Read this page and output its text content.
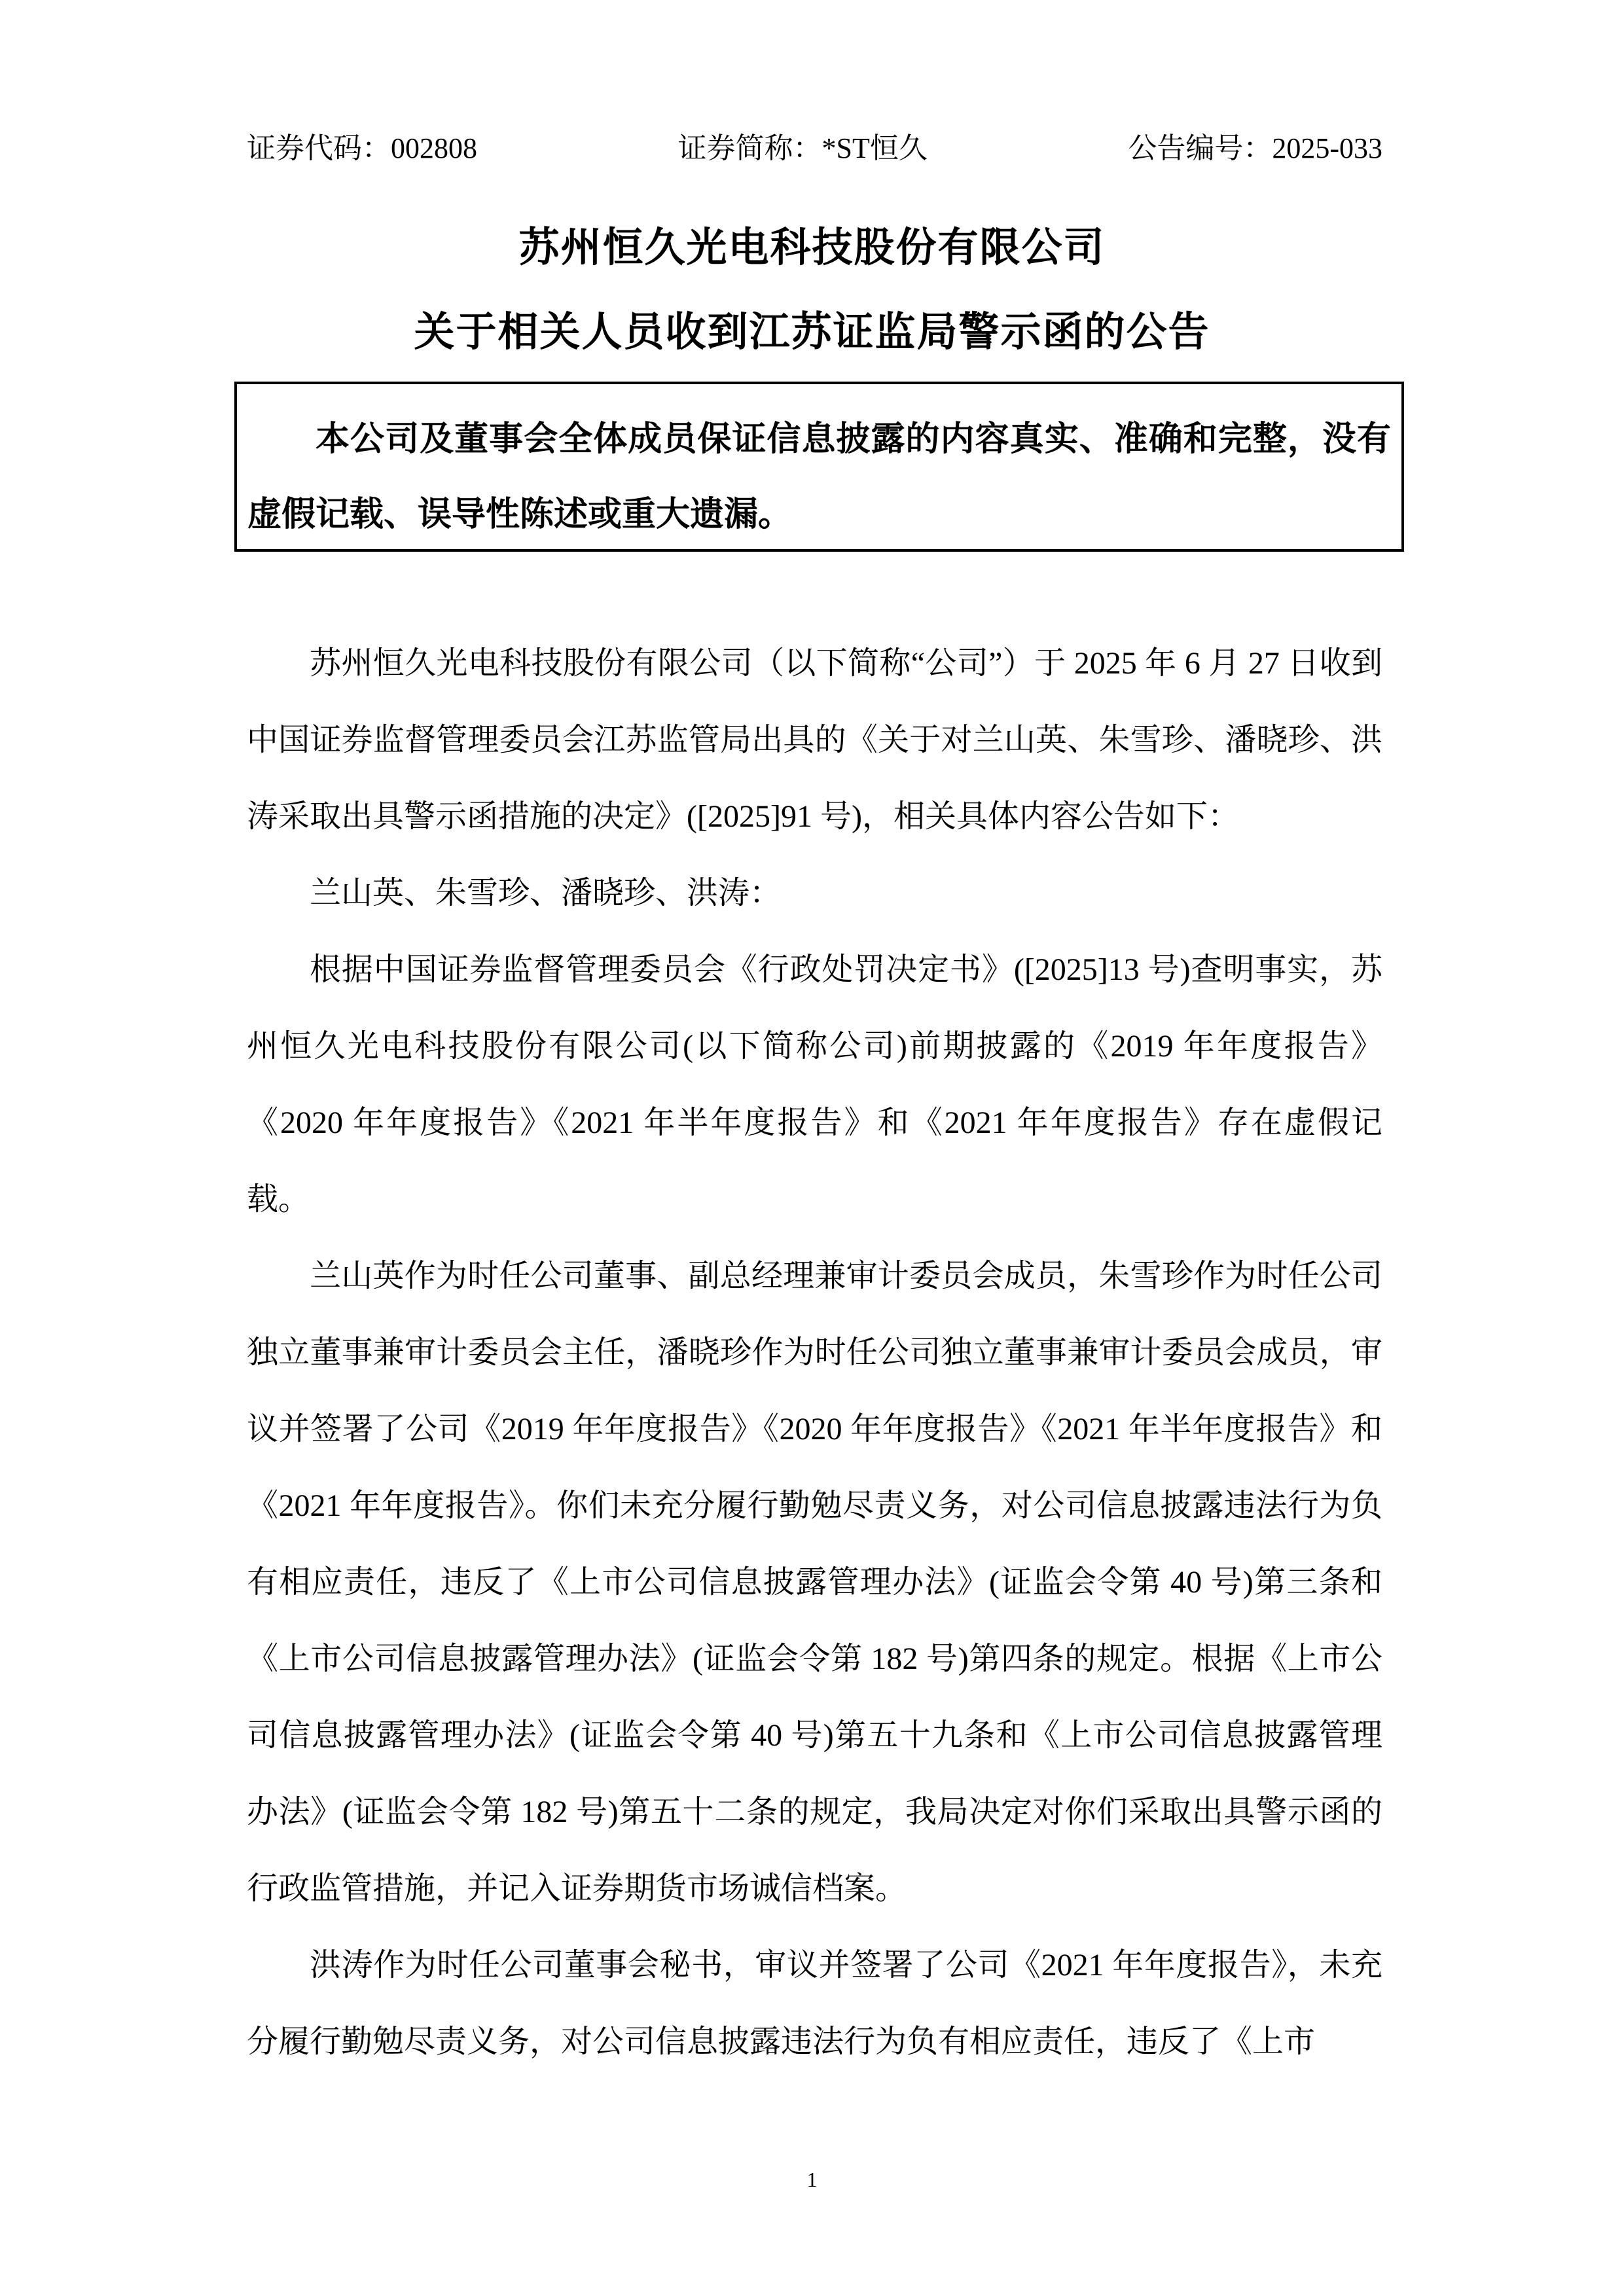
证券代码：002808	证券简称：*ST恒久	公告编号：2025-033
苏州恒久光电科技股份有限公司
关于相关人员收到江苏证监局警示函的公告

本公司及董事会全体成员保证信息披露的内容真实、准确和完整，没有虚假记载、误导性陈述或重大遗漏。

苏州恒久光电科技股份有限公司（以下简称“公司”）于 2025 年 6 月 27 日收到中国证券监督管理委员会江苏监管局出具的《关于对兰山英、朱雪珍、潘晓珍、洪涛采取出具警示函措施的决定》([2025]91 号)，相关具体内容公告如下：

兰山英、朱雪珍、潘晓珍、洪涛：

根据中国证券监督管理委员会《行政处罚决定书》([2025]13 号)查明事实，苏州恒久光电科技股份有限公司(以下简称公司)前期披露的《2019 年年度报告》《2020 年年度报告》《2021 年半年度报告》和《2021 年年度报告》存在虚假记载。

兰山英作为时任公司董事、副总经理兼审计委员会成员，朱雪珍作为时任公司独立董事兼审计委员会主任，潘晓珍作为时任公司独立董事兼审计委员会成员，审议并签署了公司《2019 年年度报告》《2020 年年度报告》《2021 年半年度报告》和《2021 年年度报告》。你们未充分履行勤勉尽责义务，对公司信息披露违法行为负有相应责任，违反了《上市公司信息披露管理办法》(证监会令第 40 号)第三条和《上市公司信息披露管理办法》(证监会令第 182 号)第四条的规定。根据《上市公司信息披露管理办法》(证监会令第 40 号)第五十九条和《上市公司信息披露管理办法》(证监会令第 182 号)第五十二条的规定，我局决定对你们采取出具警示函的行政监管措施，并记入证券期货市场诚信档案。

洪涛作为时任公司董事会秘书，审议并签署了公司《2021 年年度报告》，未充分履行勤勉尽责义务，对公司信息披露违法行为负有相应责任，违反了《上市

1
